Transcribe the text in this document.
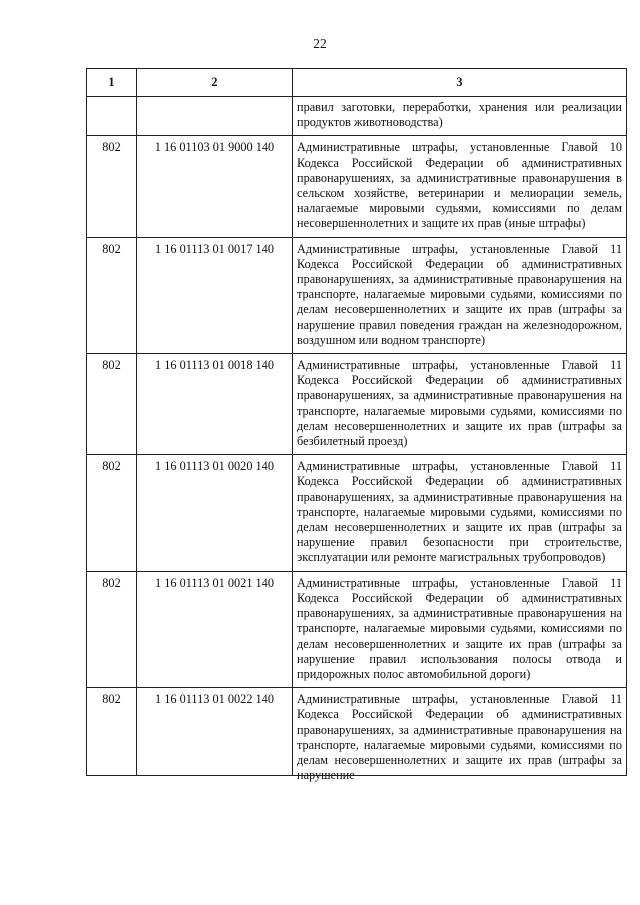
22
1	2	3
		правил заготовки, переработки, хранения или реализации продуктов животноводства)
802	1 16 01103 01 9000 140	Административные штрафы, установленные Главой 10 Кодекса Российской Федерации об административных правонарушениях, за административные правонарушения в сельском хозяйстве, ветеринарии и мелиорации земель, налагаемые мировыми судьями, комиссиями по делам несовершеннолетних и защите их прав (иные штрафы)
802	1 16 01113 01 0017 140	Административные штрафы, установленные Главой 11 Кодекса Российской Федерации об административных правонарушениях, за административные правонарушения на транспорте, налагаемые мировыми судьями, комиссиями по делам несовершеннолетних и защите их прав (штрафы за нарушение правил поведения граждан на железнодорожном, воздушном или водном транспорте)
802	1 16 01113 01 0018 140	Административные штрафы, установленные Главой 11 Кодекса Российской Федерации об административных правонарушениях, за административные правонарушения на транспорте, налагаемые мировыми судьями, комиссиями по делам несовершеннолетних и защите их прав (штрафы за безбилетный проезд)
802	1 16 01113 01 0020 140	Административные штрафы, установленные Главой 11 Кодекса Российской Федерации об административных правонарушениях, за административные правонарушения на транспорте, налагаемые мировыми судьями, комиссиями по делам несовершеннолетних и защите их прав (штрафы за нарушение правил безопасности при строительстве, эксплуатации или ремонте магистральных трубопроводов)
802	1 16 01113 01 0021 140	Административные штрафы, установленные Главой 11 Кодекса Российской Федерации об административных правонарушениях, за административные правонарушения на транспорте, налагаемые мировыми судьями, комиссиями по делам несовершеннолетних и защите их прав (штрафы за нарушение правил использования полосы отвода и придорожных полос автомобильной дороги)
802	1 16 01113 01 0022 140	Административные штрафы, установленные Главой 11 Кодекса Российской Федерации об административных правонарушениях, за административные правонарушения на транспорте, налагаемые мировыми судьями, комиссиями по делам несовершеннолетних и защите их прав (штрафы за нарушение
